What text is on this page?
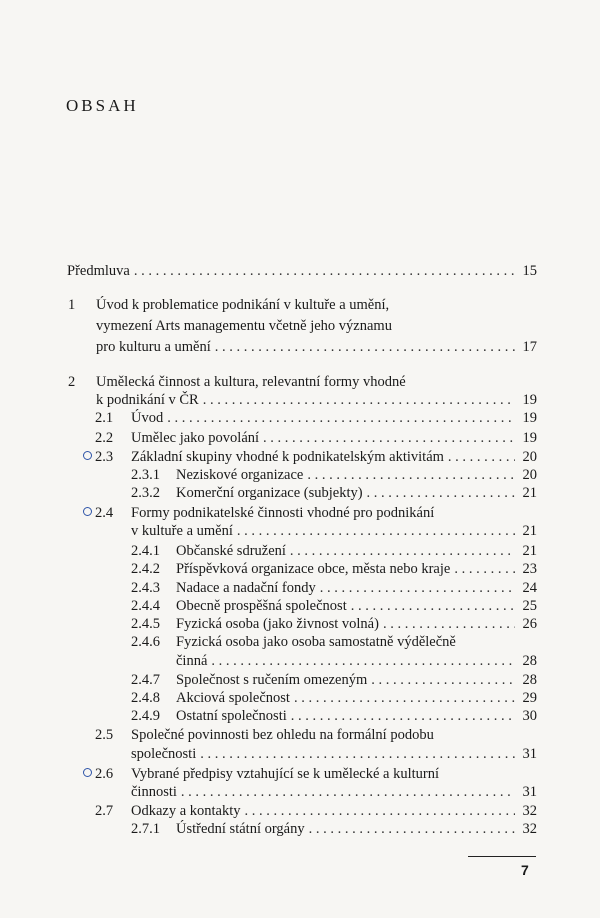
OBSAH
Předmluva . . .	15
1 Úvod k problematice podnikání v kultuře a umění,
vymezení Arts managementu včetně jeho významu
pro kulturu a umění . . .	17
2 Umělecká činnost a kultura, relevantní formy vhodné
k podnikání v ČR . . .	19
2.1 Úvod . . .	19
2.2 Umělec jako povolání . . .	19
2.3 Základní skupiny vhodné k podnikatelským aktivitám . . .	20
2.3.1 Neziskové organizace . . .	20
2.3.2 Komerční organizace (subjekty) . . .	21
2.4 Formy podnikatelské činnosti vhodné pro podnikání
v kultuře a umění . . .	21
2.4.1 Občanské sdružení . . .	21
2.4.2 Příspěvková organizace obce, města nebo kraje . . .	23
2.4.3 Nadace a nadační fondy . . .	24
2.4.4 Obecně prospěšná společnost . . .	25
2.4.5 Fyzická osoba (jako živnost volná) . . .	26
2.4.6 Fyzická osoba jako osoba samostatně výdělečně
činná . . .	28
2.4.7 Společnost s ručením omezeným . . .	28
2.4.8 Akciová společnost . . .	29
2.4.9 Ostatní společnosti . . .	30
2.5 Společné povinnosti bez ohledu na formální podobu
společnosti . . .	31
2.6 Vybrané předpisy vztahující se k umělecké a kulturní
činnosti . . .	31
2.7 Odkazy a kontakty . . .	32
2.7.1 Ústřední státní orgány . . .	32
7
